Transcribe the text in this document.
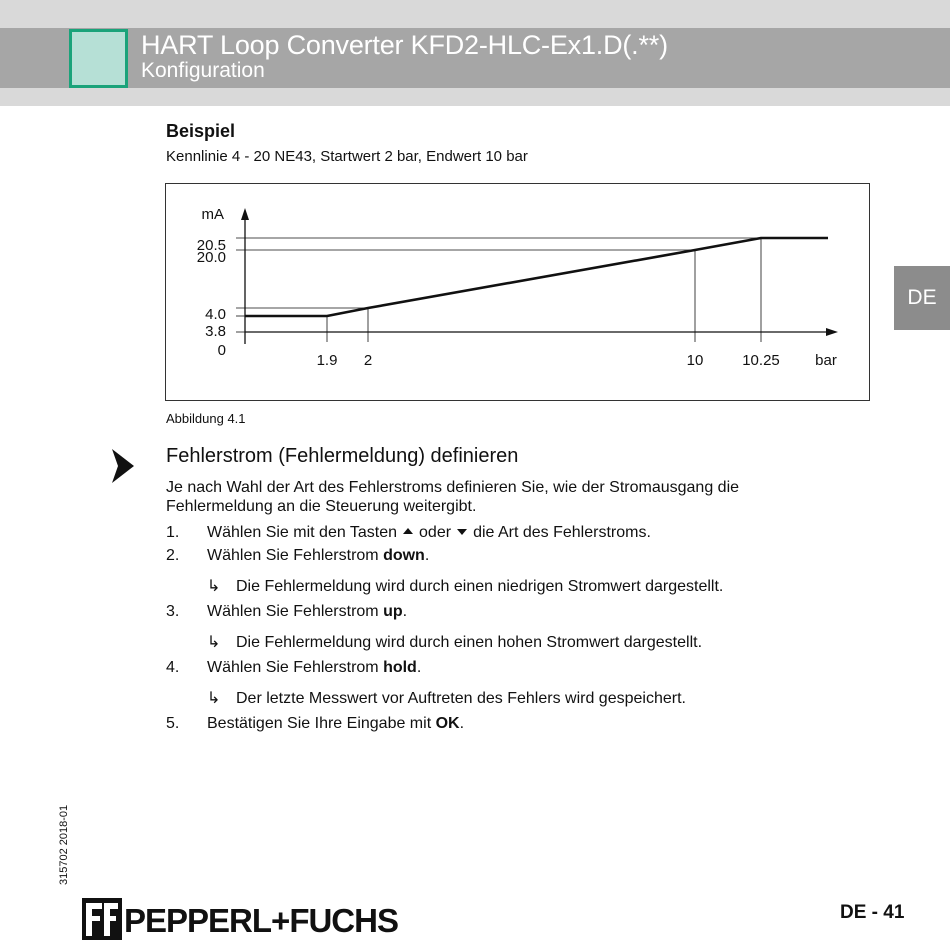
HART Loop Converter KFD2-HLC-Ex1.D(.**)
Konfiguration
DE
Beispiel
Kennlinie 4 - 20 NE43, Startwert 2 bar, Endwert 10 bar
20.5
20.0
4.0
3.8
0
1.9 2	10	10.25
mA
bar
Abbildung 4.1
Fehlerstrom (Fehlermeldung) definieren
Je nach Wahl der Art des Fehlerstroms definieren Sie, wie der Stromausgang die Fehlermeldung an die Steuerung weitergibt.
1. Wählen Sie mit den Tasten oder die Art des Fehlerstroms.
2. Wählen Sie Fehlerstrom down.
↳ Die Fehlermeldung wird durch einen niedrigen Stromwert dargestellt.
3. Wählen Sie Fehlerstrom up.
↳ Die Fehlermeldung wird durch einen hohen Stromwert dargestellt.
4. Wählen Sie Fehlerstrom hold.
↳ Der letzte Messwert vor Auftreten des Fehlers wird gespeichert.
5. Bestätigen Sie Ihre Eingabe mit OK.
315702 2018-01
PEPPERL+FUCHS	DE - 41
